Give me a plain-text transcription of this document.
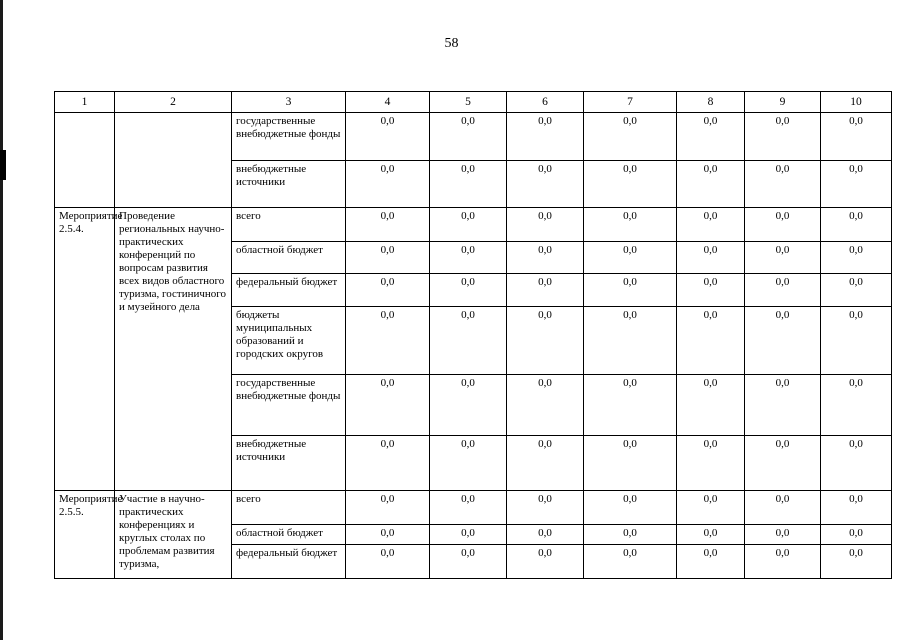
58
1	2	3	4	5	6	7	8	9	10
		государственные внебюджетные фонды	0,0	0,0	0,0	0,0	0,0	0,0	0,0
		внебюджетные источники	0,0	0,0	0,0	0,0	0,0	0,0	0,0
Мероприятие 2.5.4.	Проведение региональных научно-практических конференций по вопросам развития всех видов областного туризма, гостиничного и музейного дела	всего	0,0	0,0	0,0	0,0	0,0	0,0	0,0
		областной бюджет	0,0	0,0	0,0	0,0	0,0	0,0	0,0
		федеральный бюджет	0,0	0,0	0,0	0,0	0,0	0,0	0,0
		бюджеты муниципальных образований и городских округов	0,0	0,0	0,0	0,0	0,0	0,0	0,0
		государственные внебюджетные фонды	0,0	0,0	0,0	0,0	0,0	0,0	0,0
		внебюджетные источники	0,0	0,0	0,0	0,0	0,0	0,0	0,0
Мероприятие 2.5.5.	Участие в научно-практических конференциях и круглых столах по проблемам развития туризма,	всего	0,0	0,0	0,0	0,0	0,0	0,0	0,0
		областной бюджет	0,0	0,0	0,0	0,0	0,0	0,0	0,0
		федеральный бюджет	0,0	0,0	0,0	0,0	0,0	0,0	0,0
